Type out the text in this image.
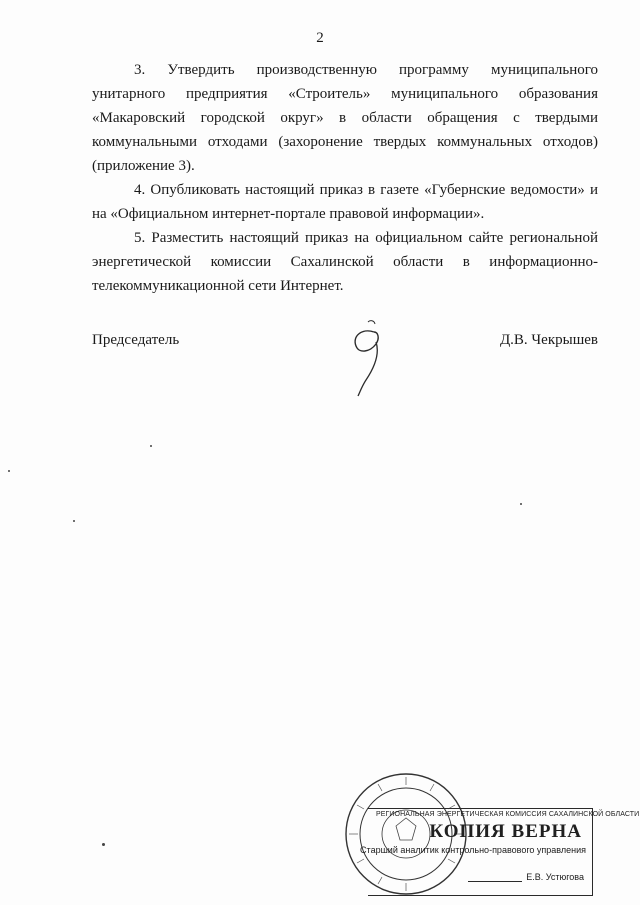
2

3. Утвердить производственную программу муниципального унитарного предприятия «Строитель» муниципального образования «Макаровский городской округ» в области обращения с твердыми коммунальными отходами (захоронение твердых коммунальных отходов) (приложение 3).

4. Опубликовать настоящий приказ в газете «Губернские ведомости» и на «Официальном интернет-портале правовой информации».

5. Разместить настоящий приказ на официальном сайте региональной энергетической комиссии Сахалинской области в информационно-телекоммуникационной сети Интернет.

Председатель	Д.В. Чекрышев
РЕГИОНАЛЬНАЯ ЭНЕРГЕТИЧЕСКАЯ КОМИССИЯ САХАЛИНСКОЙ ОБЛАСТИ
КОПИЯ ВЕРНА
Старший аналитик контрольно-правового управления
Е.В. Устюгова
